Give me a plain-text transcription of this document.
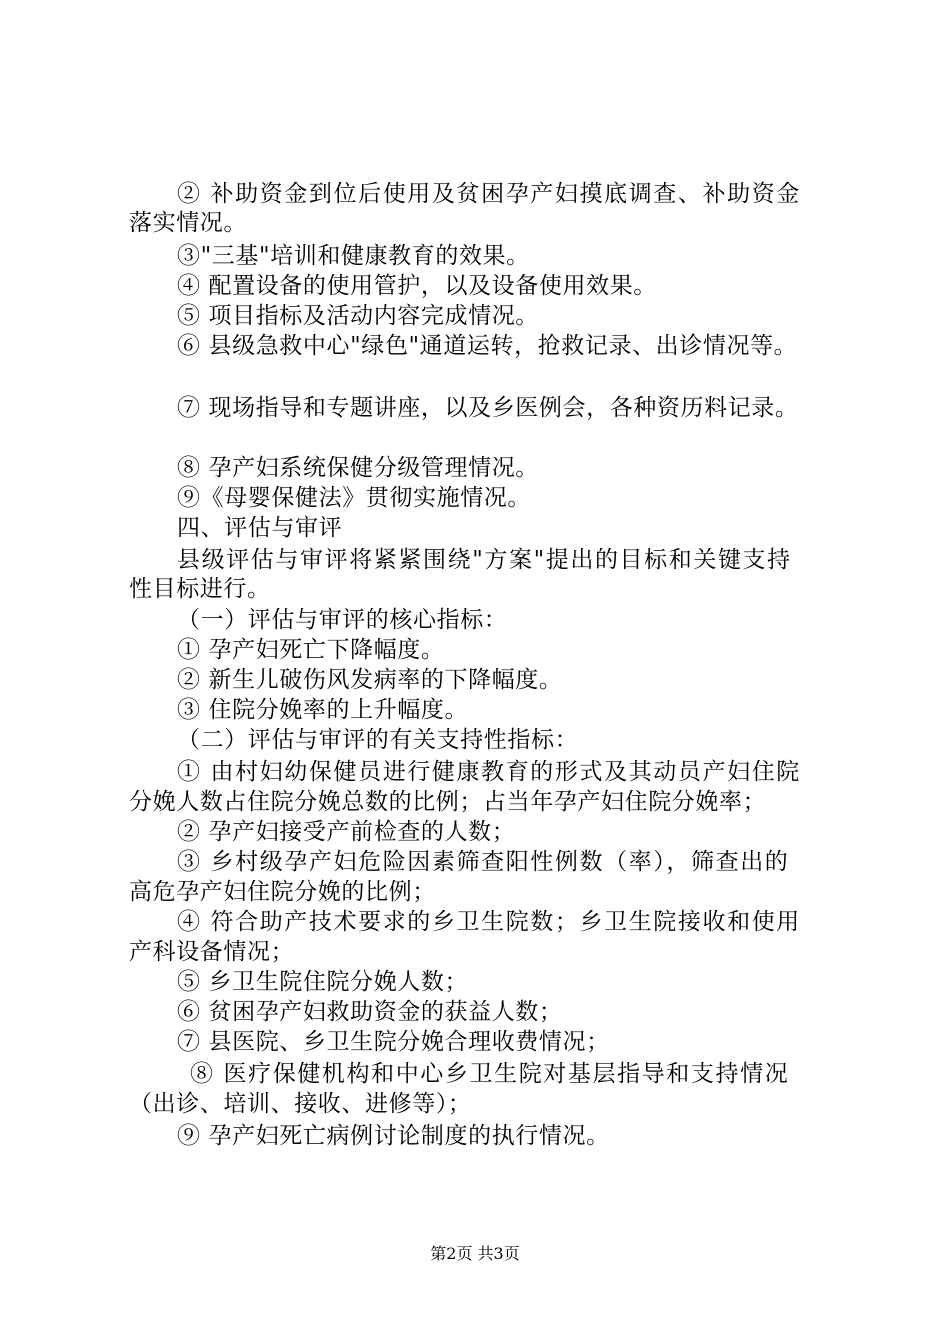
② 补助资金到位后使用及贫困孕产妇摸底调查、补助资金
落实情况。
③"三基"培训和健康教育的效果。
④ 配置设备的使用管护，以及设备使用效果。
⑤ 项目指标及活动内容完成情况。
⑥ 县级急救中心"绿色"通道运转，抢救记录、出诊情况等。
⑦ 现场指导和专题讲座，以及乡医例会，各种资历料记录。
⑧ 孕产妇系统保健分级管理情况。
⑨《母婴保健法》贯彻实施情况。
四、评估与审评
县级评估与审评将紧紧围绕"方案"提出的目标和关键支持
性目标进行。
（一）评估与审评的核心指标：
① 孕产妇死亡下降幅度。
② 新生儿破伤风发病率的下降幅度。
③ 住院分娩率的上升幅度。
（二）评估与审评的有关支持性指标：
① 由村妇幼保健员进行健康教育的形式及其动员产妇住院
分娩人数占住院分娩总数的比例；占当年孕产妇住院分娩率；
② 孕产妇接受产前检查的人数；
③ 乡村级孕产妇危险因素筛查阳性例数（率），筛查出的
高危孕产妇住院分娩的比例；
④ 符合助产技术要求的乡卫生院数；乡卫生院接收和使用
产科设备情况；
⑤ 乡卫生院住院分娩人数；
⑥ 贫困孕产妇救助资金的获益人数；
⑦ 县医院、乡卫生院分娩合理收费情况；
⑧ 医疗保健机构和中心乡卫生院对基层指导和支持情况
（出诊、培训、接收、进修等）；
⑨ 孕产妇死亡病例讨论制度的执行情况。
第2页 共3页
